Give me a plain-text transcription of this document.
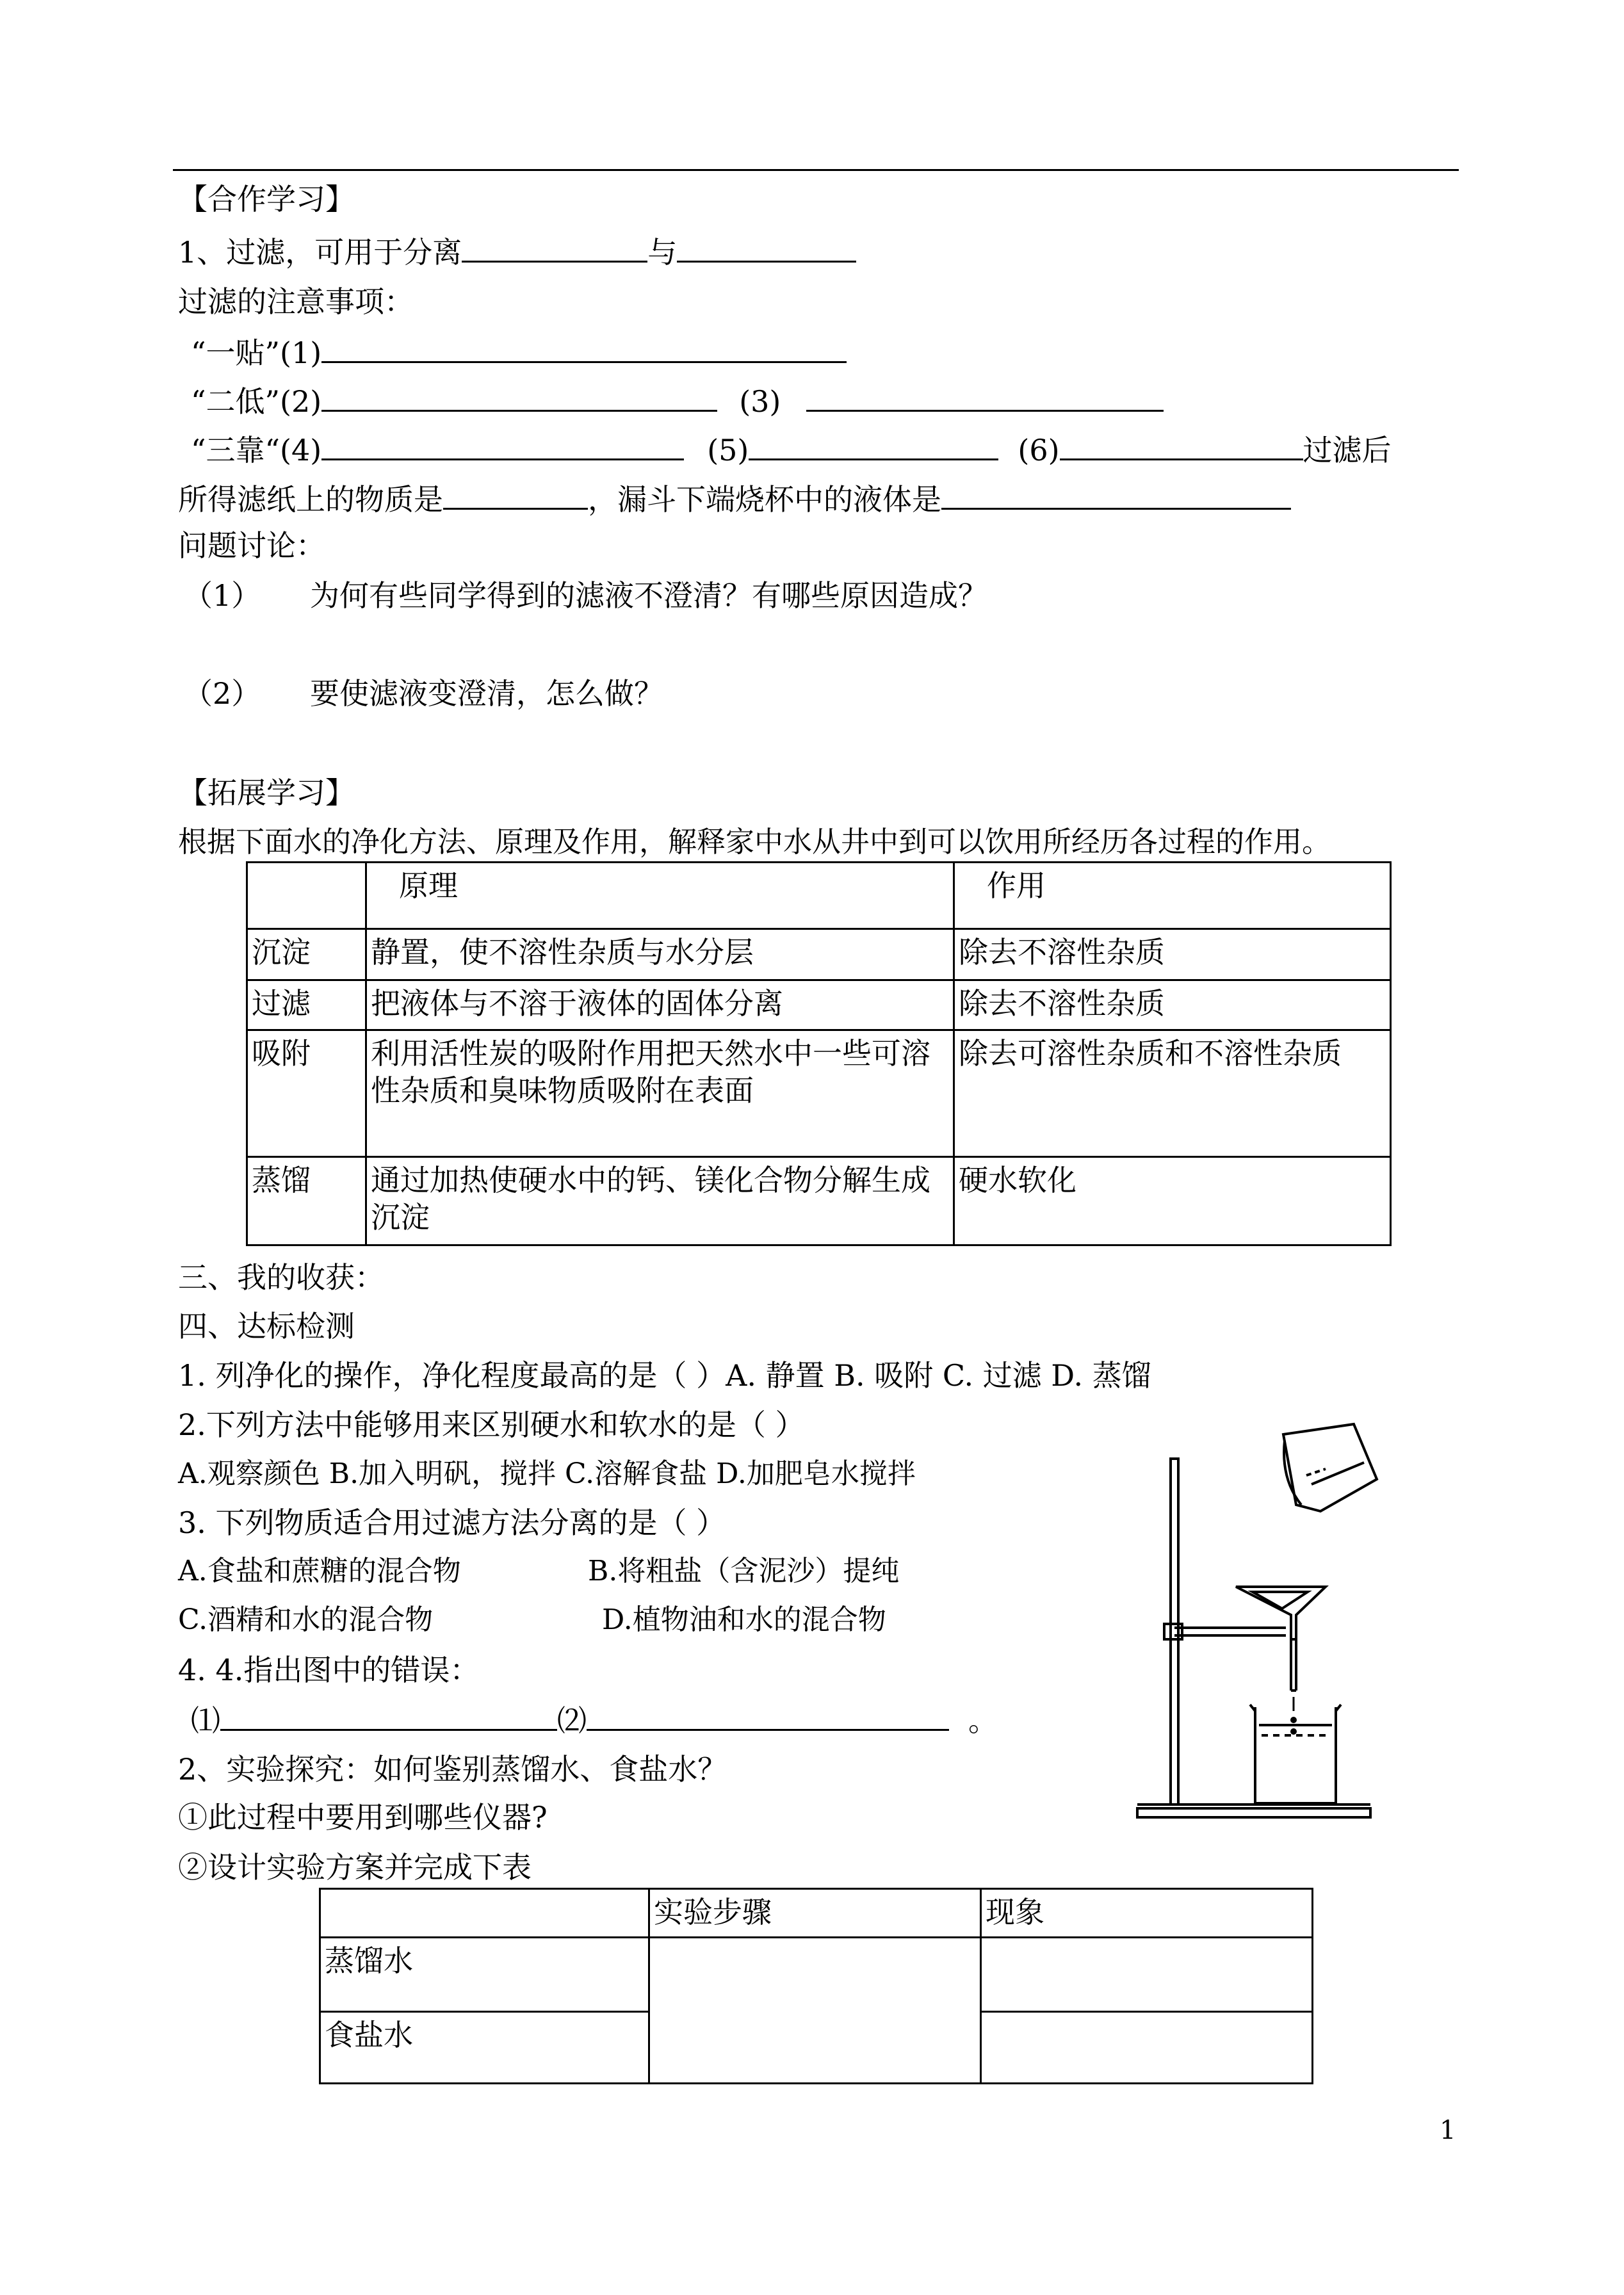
【合作学习】
1、过滤，可用于分离	与
过滤的注意事项：
“一贴”(1)
“二低”(2)	(3)
“三靠“(4)	(5)	(6)	过滤后
所得滤纸上的物质是	，漏斗下端烧杯中的液体是
问题讨论：
（1） 为何有些同学得到的滤液不澄清？有哪些原因造成？
（2） 要使滤液变澄清，怎么做？
【拓展学习】
根据下面水的净化方法、原理及作用，解释家中水从井中到可以饮用所经历各过程的作用。
	原理	作用
沉淀	静置，使不溶性杂质与水分层	除去不溶性杂质
过滤	把液体与不溶于液体的固体分离	除去不溶性杂质
吸附	利用活性炭的吸附作用把天然水中一些可溶性杂质和臭味物质吸附在表面	除去可溶性杂质和不溶性杂质
蒸馏	通过加热使硬水中的钙、镁化合物分解生成沉淀	硬水软化
三、我的收获：
四、达标检测
1. 列净化的操作，净化程度最高的是（ ）A. 静置 B. 吸附 C. 过滤 D. 蒸馏
2.下列方法中能够用来区别硬水和软水的是（ ）
A.观察颜色 B.加入明矾，搅拌 C.溶解食盐 D.加肥皂水搅拌
3. 下列物质适合用过滤方法分离的是（ ）
A.食盐和蔗糖的混合物	B.将粗盐（含泥沙）提纯
C.酒精和水的混合物	D.植物油和水的混合物
4. 4.指出图中的错误：
⑴	⑵	。
2、实验探究：如何鉴别蒸馏水、食盐水？
①此过程中要用到哪些仪器?
②设计实验方案并完成下表
	实验步骤	现象
蒸馏水		
食盐水		
1
